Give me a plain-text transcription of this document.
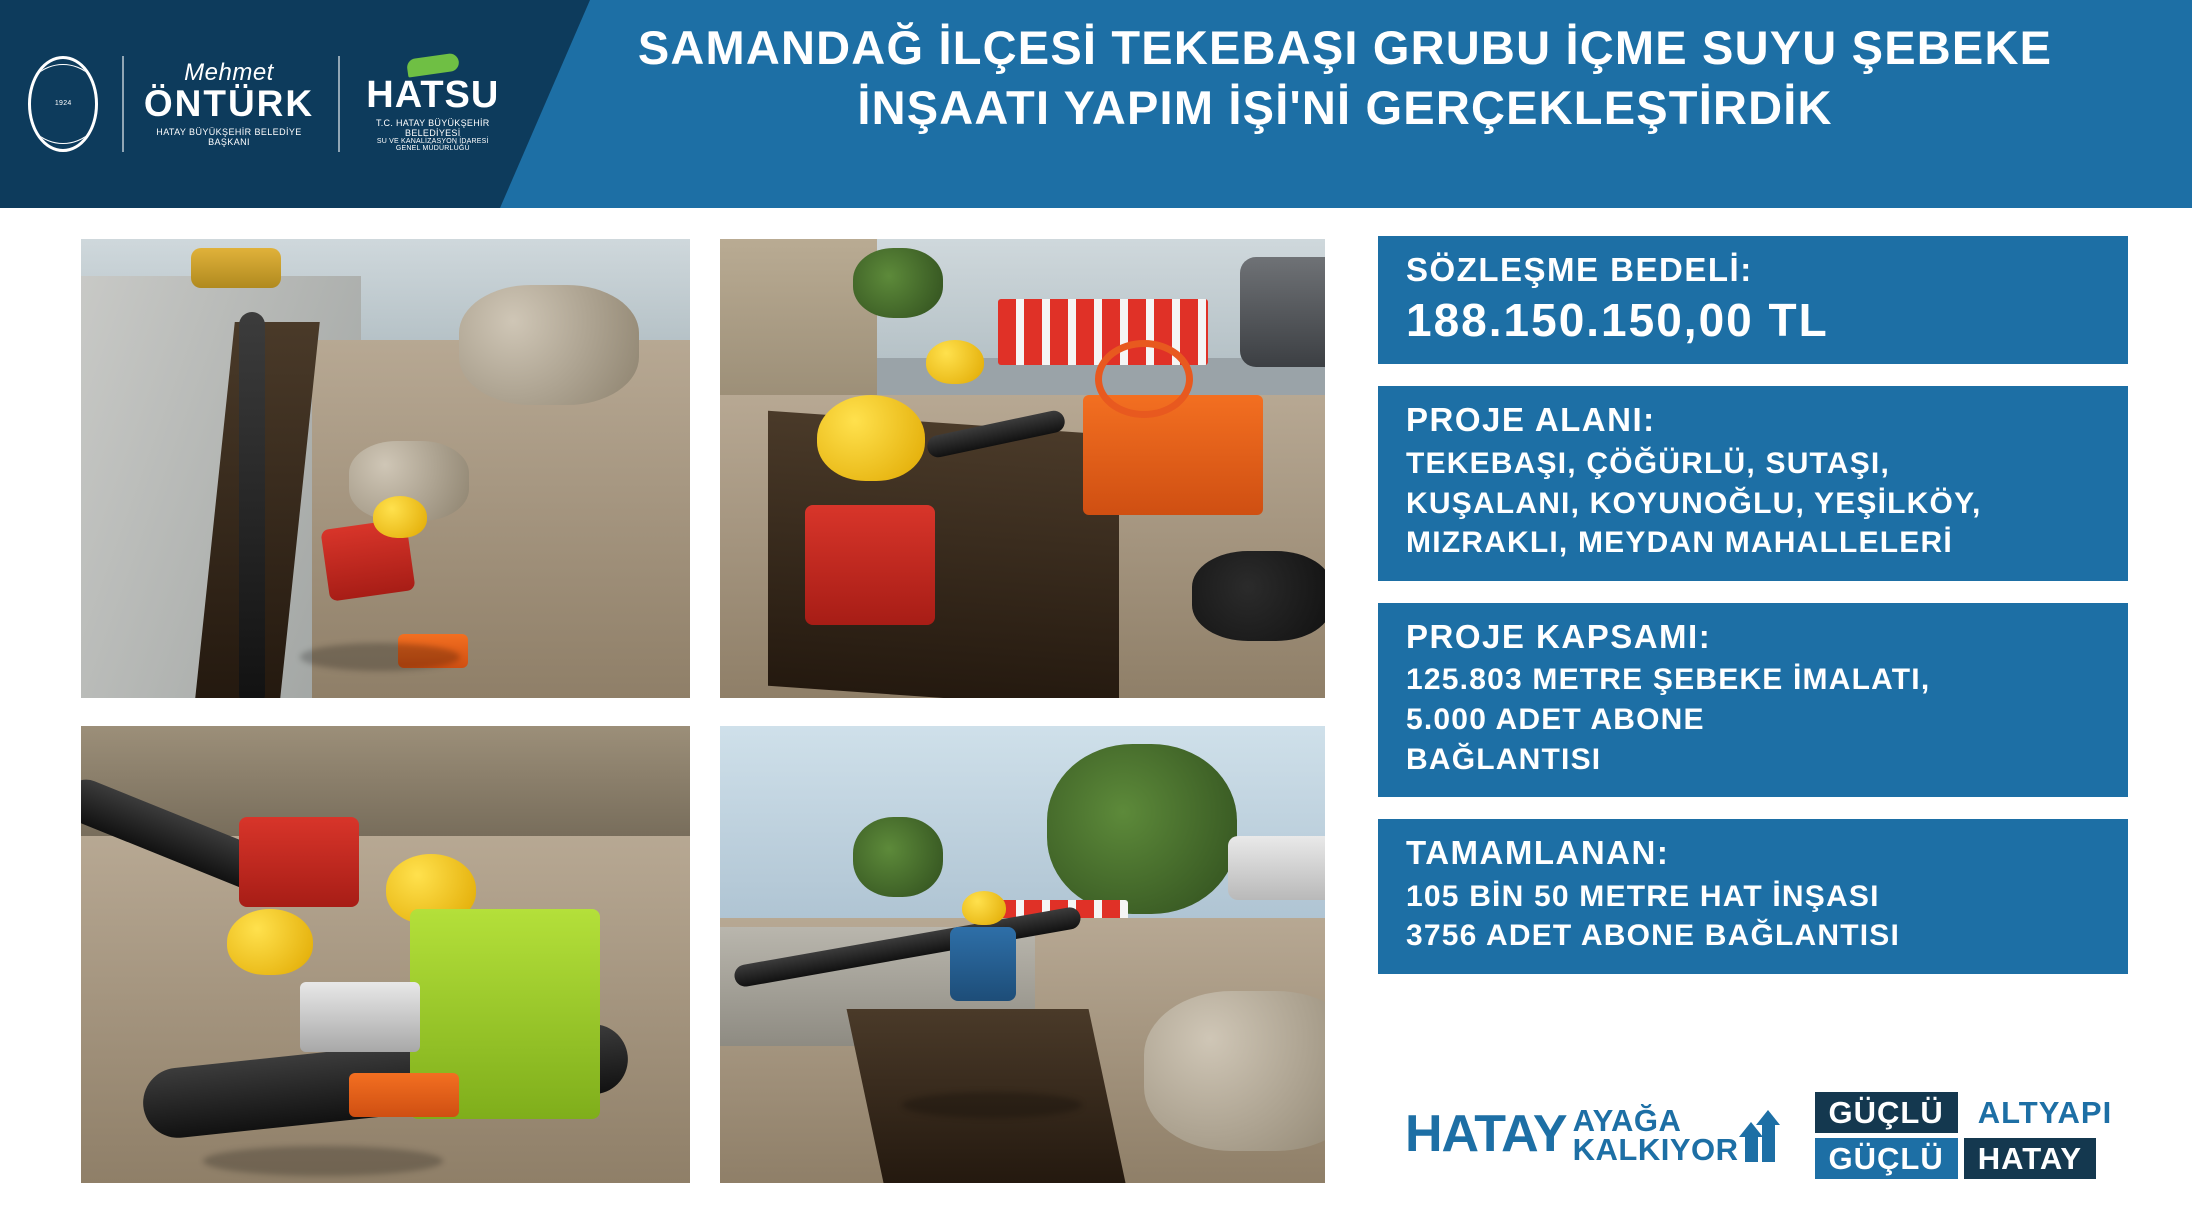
1924
Mehmet
ÖNTÜRK
HATAY BÜYÜKŞEHİR BELEDİYE BAŞKANI
HATSU
T.C. HATAY BÜYÜKŞEHİR BELEDİYESİ
SU VE KANALİZASYON İDARESİ GENEL MÜDÜRLÜĞÜ
SAMANDAĞ İLÇESİ TEKEBAŞI GRUBU İÇME SUYU ŞEBEKE
İNŞAATI YAPIM İŞİ'Nİ GERÇEKLEŞTİRDİK
SÖZLEŞME BEDELİ:
188.150.150,00 TL
PROJE ALANI:
TEKEBAŞI, ÇÖĞÜRLÜ, SUTAŞI,
KUŞALANI, KOYUNOĞLU, YEŞİLKÖY,
MIZRAKLI, MEYDAN MAHALLELERİ
PROJE KAPSAMI:
125.803 METRE ŞEBEKE İMALATI,
5.000 ADET ABONE
BAĞLANTISI
TAMAMLANAN:
105 BİN 50 METRE HAT İNŞASI
3756 ADET ABONE BAĞLANTISI
HATAY AYAĞA
KALKIYOR
GÜÇLÜ	ALTYAPI
GÜÇLÜ	HATAY
